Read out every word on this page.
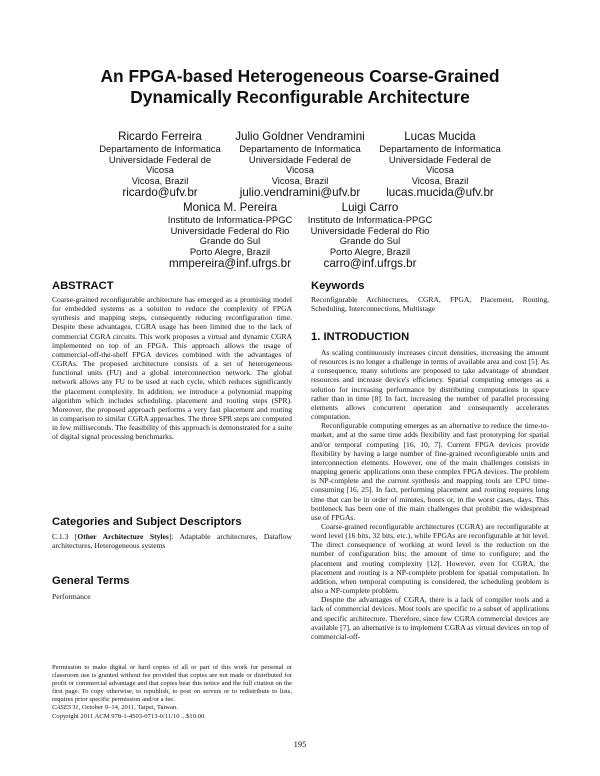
An FPGA-based Heterogeneous Coarse-Grained
Dynamically Reconfigurable Architecture
Ricardo Ferreira
Departamento de Informatica
Universidade Federal de
Vicosa
Vicosa, Brazil
ricardo@ufv.br
Julio Goldner Vendramini
Departamento de Informatica
Universidade Federal de
Vicosa
Vicosa, Brazil
julio.vendramini@ufv.br
Lucas Mucida
Departamento de Informatica
Universidade Federal de
Vicosa
Vicosa, Brazil
lucas.mucida@ufv.br
Monica M. Pereira
Instituto de Informatica-PPGC
Universidade Federal do Rio
Grande do Sul
Porto Alegre, Brazil
mmpereira@inf.ufrgs.br
Luigi Carro
Instituto de Informatica-PPGC
Universidade Federal do Rio
Grande do Sul
Porto Alegre, Brazil
carro@inf.ufrgs.br
ABSTRACT

Coarse-grained reconfigurable architecture has emerged as a promising model for embedded systems as a solution to reduce the complexity of FPGA synthesis and mapping steps, consequently reducing reconfiguration time. Despite these advantages, CGRA usage has been limited due to the lack of commercial CGRA circuits. This work proposes a virtual and dynamic CGRA implemented on top of an FPGA. This approach allows the usage of commercial-off-the-shelf FPGA devices combined with the advantages of CGRAs. The proposed architecture consists of a set of heterogeneous functional units (FU) and a global interconnection network. The global network allows any FU to be used at each cycle, which reduces significantly the placement complexity. In addition, we introduce a polynomial mapping algorithm which includes scheduling, placement and routing steps (SPR). Moreover, the proposed approach performs a very fast placement and routing in comparison to similar CGRA approaches. The three SPR steps are computed in few milliseconds. The feasibility of this approach is demonstrated for a suite of digital signal processing benchmarks.

Categories and Subject Descriptors

C.1.3 [Other Architecture Styles]: Adaptable architectures, Dataflow architectures, Heterogeneous systems

General Terms

Performance

Permission to make digital or hard copies of all or part of this work for personal or classroom use is granted without fee provided that copies are not made or distributed for profit or commercial advantage and that copies bear this notice and the full citation on the first page. To copy otherwise, to republish, to post on servers or to redistribute to lists, requires prior specific permission and/or a fee.

CASES'11, October 9–14, 2011, Taipei, Taiwan.

Copyright 2011 ACM 978-1-4503-0713-0/11/10 ...$10.00.

Keywords

Reconfigurable Architectures, CGRA, FPGA, Placement, Routing, Scheduling, Interconnections, Multistage

1. INTRODUCTION

As scaling continuously increases circuit densities, increasing the amount of resources is no longer a challenge in terms of available area and cost [5]. As a consequence, many solutions are proposed to take advantage of abundant resources and increase device's efficiency. Spatial computing emerges as a solution for increasing performance by distributing computations in space rather than in time [8]. In fact, increasing the number of parallel processing elements allows concurrent operation and consequently accelerates computation.

Reconfigurable computing emerges as an alternative to reduce the time-to-market, and at the same time adds flexibility and fast prototyping for spatial and/or temporal computing [16, 10, 7]. Current FPGA devices provide flexibility by having a large number of fine-grained reconfigurable units and interconnection elements. However, one of the main challenges consists in mapping generic applications onto these complex FPGA devices. The problem is NP-complete and the current synthesis and mapping tools are CPU time-consuming [16, 25]. In fact, performing placement and routing requires long time that can be in order of minutes, hours or, in the worst cases, days. This bottleneck has been one of the main challenges that prohibit the widespread use of FPGAs.

Coarse-grained reconfigurable architectures (CGRA) are reconfigurable at word level (16 bits, 32 bits, etc.), while FPGAs are reconfigurable at bit level. The direct consequence of working at word level is the reduction on the number of configuration bits; the amount of time to configure; and the placement and routing complexity [12]. However, even for CGRA, the placement and routing is a NP-complete problem for spatial computation. In addition, when temporal computing is considered, the scheduling problem is also a NP-complete problem.

Despite the advantages of CGRA, there is a lack of compiler tools and a lack of commercial devices. Most tools are specific to a subset of applications and specific architecture. Therefore, since few CGRA commercial devices are available [7], an alternative is to implement CGRA as virtual devices on top of commercial-off-

195
